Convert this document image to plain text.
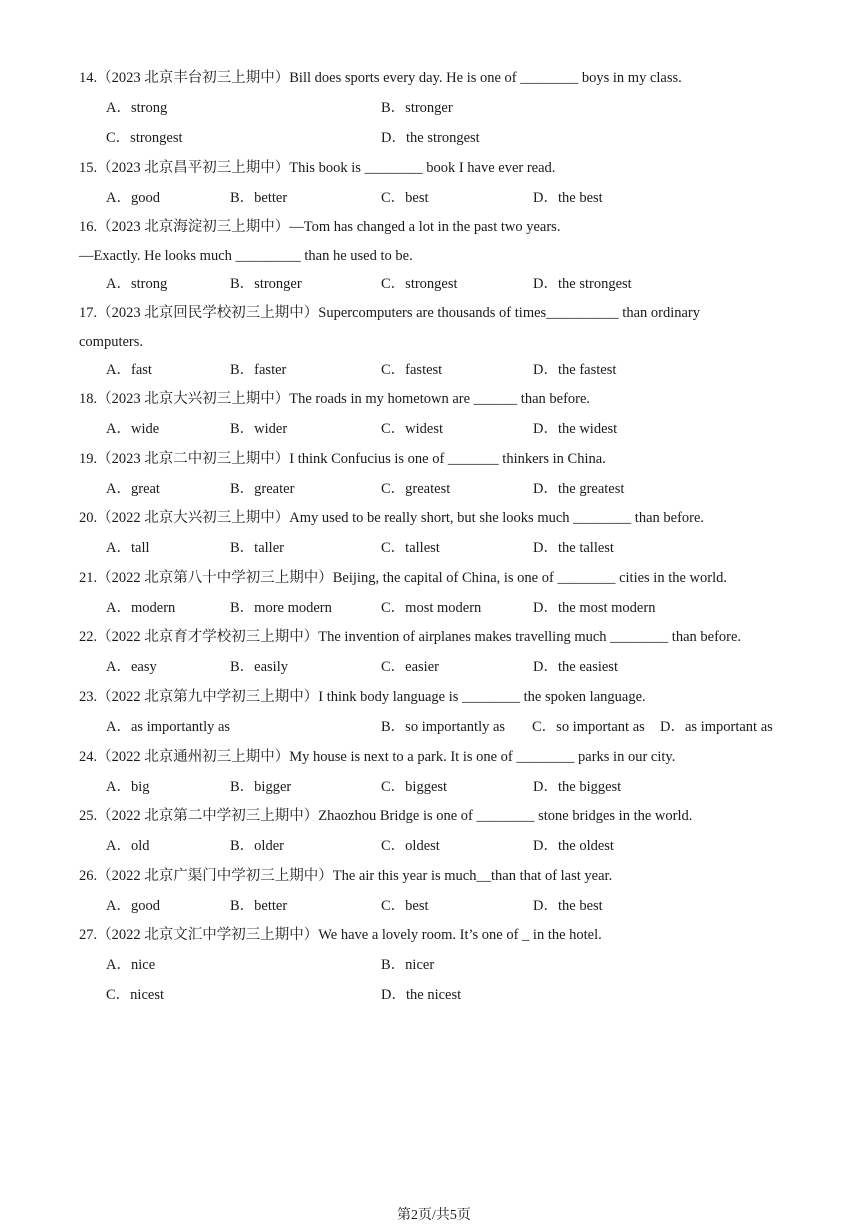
14.（2023 北京丰台初三上期中）Bill does sports every day. He is one of ________ boys in my class.
A．strong	B．stronger
C．strongest	D．the strongest
15.（2023 北京昌平初三上期中）This book is ________ book I have ever read.
A．good	B．better	C．best	D．the best
16.（2023 北京海淀初三上期中）—Tom has changed a lot in the past two years.
—Exactly. He looks much _________ than he used to be.
A．strong	B．stronger	C．strongest	D．the strongest
17.（2023 北京回民学校初三上期中）Supercomputers are thousands of times__________ than ordinary
computers.
A．fast	B．faster	C．fastest	D．the fastest
18.（2023 北京大兴初三上期中）The roads in my hometown are ______ than before.
A．wide	B．wider	C．widest	D．the widest
19.（2023 北京二中初三上期中）I think Confucius is one of _______ thinkers in China.
A．great	B．greater	C．greatest	D．the greatest
20.（2022 北京大兴初三上期中）Amy used to be really short, but she looks much ________ than before.
A．tall	B．taller	C．tallest	D．the tallest
21.（2022 北京第八十中学初三上期中）Beijing, the capital of China, is one of ________ cities in the world.
A．modern	B．more modern	C．most modern	D．the most modern
22.（2022 北京育才学校初三上期中）The invention of airplanes makes travelling much ________ than before.
A．easy	B．easily	C．easier	D．the easiest
23.（2022 北京第九中学初三上期中）I think body language is ________ the spoken language.
A．as importantly as	B．so importantly as C．so important as D．as important as
24.（2022 北京通州初三上期中）My house is next to a park. It is one of ________ parks in our city.
A．big	B．bigger	C．biggest	D．the biggest
25.（2022 北京第二中学初三上期中）Zhaozhou Bridge is one of ________ stone bridges in the world.
A．old	B．older	C．oldest	D．the oldest
26.（2022 北京广渠门中学初三上期中）The air this year is much__than that of last year.
A．good	B．better	C．best	D．the best
27.（2022 北京文汇中学初三上期中）We have a lovely room. It’s one of _ in the hotel.
A．nice	B．nicer
C．nicest	D．the nicest
第2页/共5页
